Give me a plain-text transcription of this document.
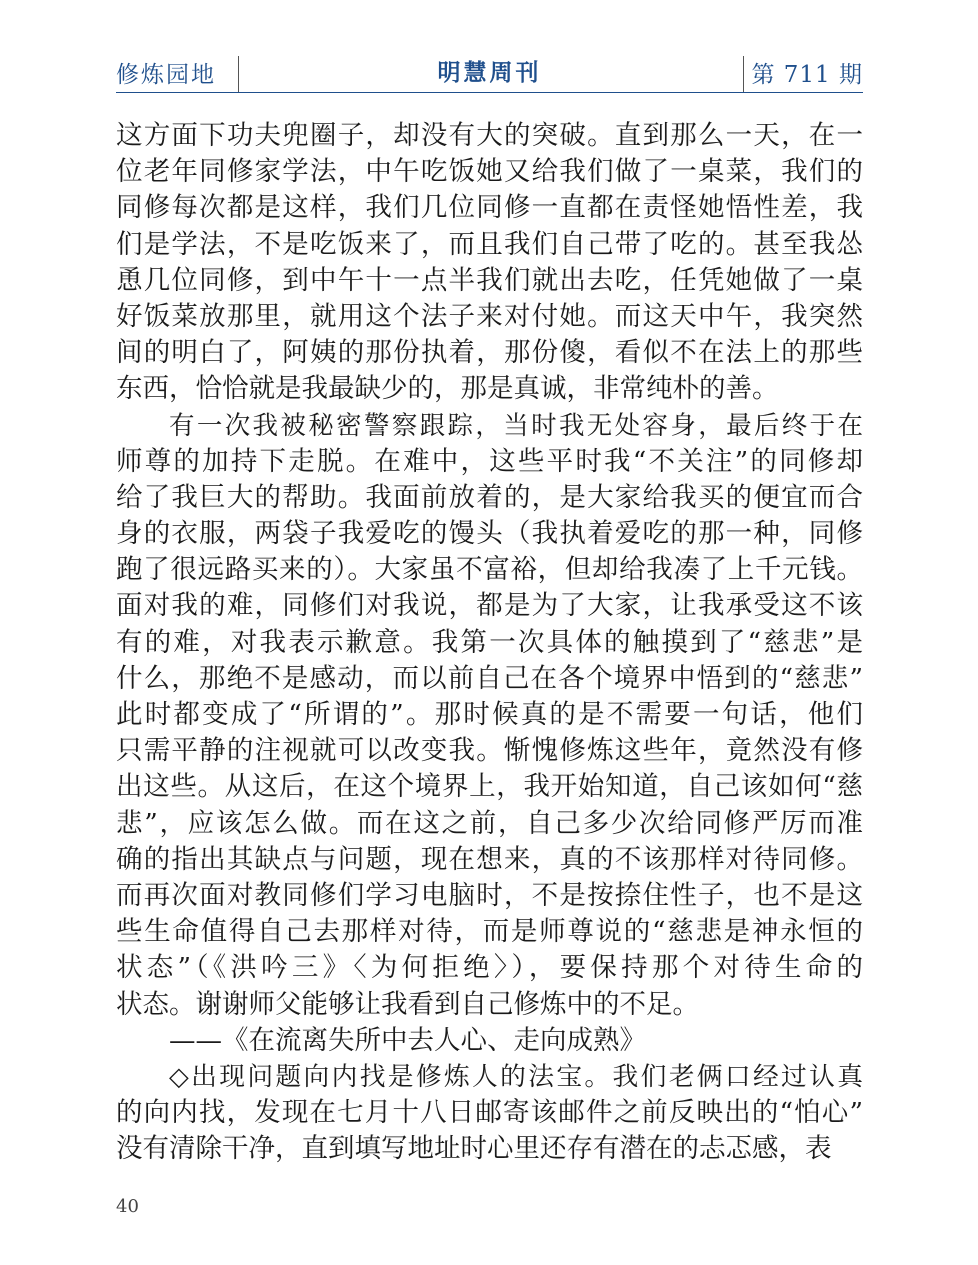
修炼园地	明慧周刊	第 711 期

这方面下功夫兜圈子，却没有大的突破。直到那么一天，在一
位老年同修家学法，中午吃饭她又给我们做了一桌菜，我们的
同修每次都是这样，我们几位同修一直都在责怪她悟性差，我
们是学法，不是吃饭来了，而且我们自己带了吃的。甚至我怂
恿几位同修，到中午十一点半我们就出去吃，任凭她做了一桌
好饭菜放那里，就用这个法子来对付她。而这天中午，我突然
间的明白了，阿姨的那份执着，那份傻，看似不在法上的那些
东西，恰恰就是我最缺少的，那是真诚，非常纯朴的善。

有一次我被秘密警察跟踪，当时我无处容身，最后终于在
师尊的加持下走脱。在难中，这些平时我“不关注”的同修却
给了我巨大的帮助。我面前放着的，是大家给我买的便宜而合
身的衣服，两袋子我爱吃的馒头（我执着爱吃的那一种，同修
跑了很远路买来的）。大家虽不富裕，但却给我凑了上千元钱。
面对我的难，同修们对我说，都是为了大家，让我承受这不该
有的难，对我表示歉意。我第一次具体的触摸到了“慈悲”是
什么，那绝不是感动，而以前自己在各个境界中悟到的“慈悲”
此时都变成了“所谓的”。那时候真的是不需要一句话，他们
只需平静的注视就可以改变我。惭愧修炼这些年，竟然没有修
出这些。从这后，在这个境界上，我开始知道，自己该如何“慈
悲”，应该怎么做。而在这之前，自己多少次给同修严厉而准
确的指出其缺点与问题，现在想来，真的不该那样对待同修。
而再次面对教同修们学习电脑时，不是按捺住性子，也不是这
些生命值得自己去那样对待，而是师尊说的“慈悲是神永恒的
状态”（《洪吟三》〈为何拒绝〉），要保持那个对待生命的
状态。谢谢师父能够让我看到自己修炼中的不足。

——《在流离失所中去人心、走向成熟》

◇出现问题向内找是修炼人的法宝。我们老俩口经过认真
的向内找，发现在七月十八日邮寄该邮件之前反映出的“怕心”
没有清除干净，直到填写地址时心里还存有潜在的忐忑感，表

40
